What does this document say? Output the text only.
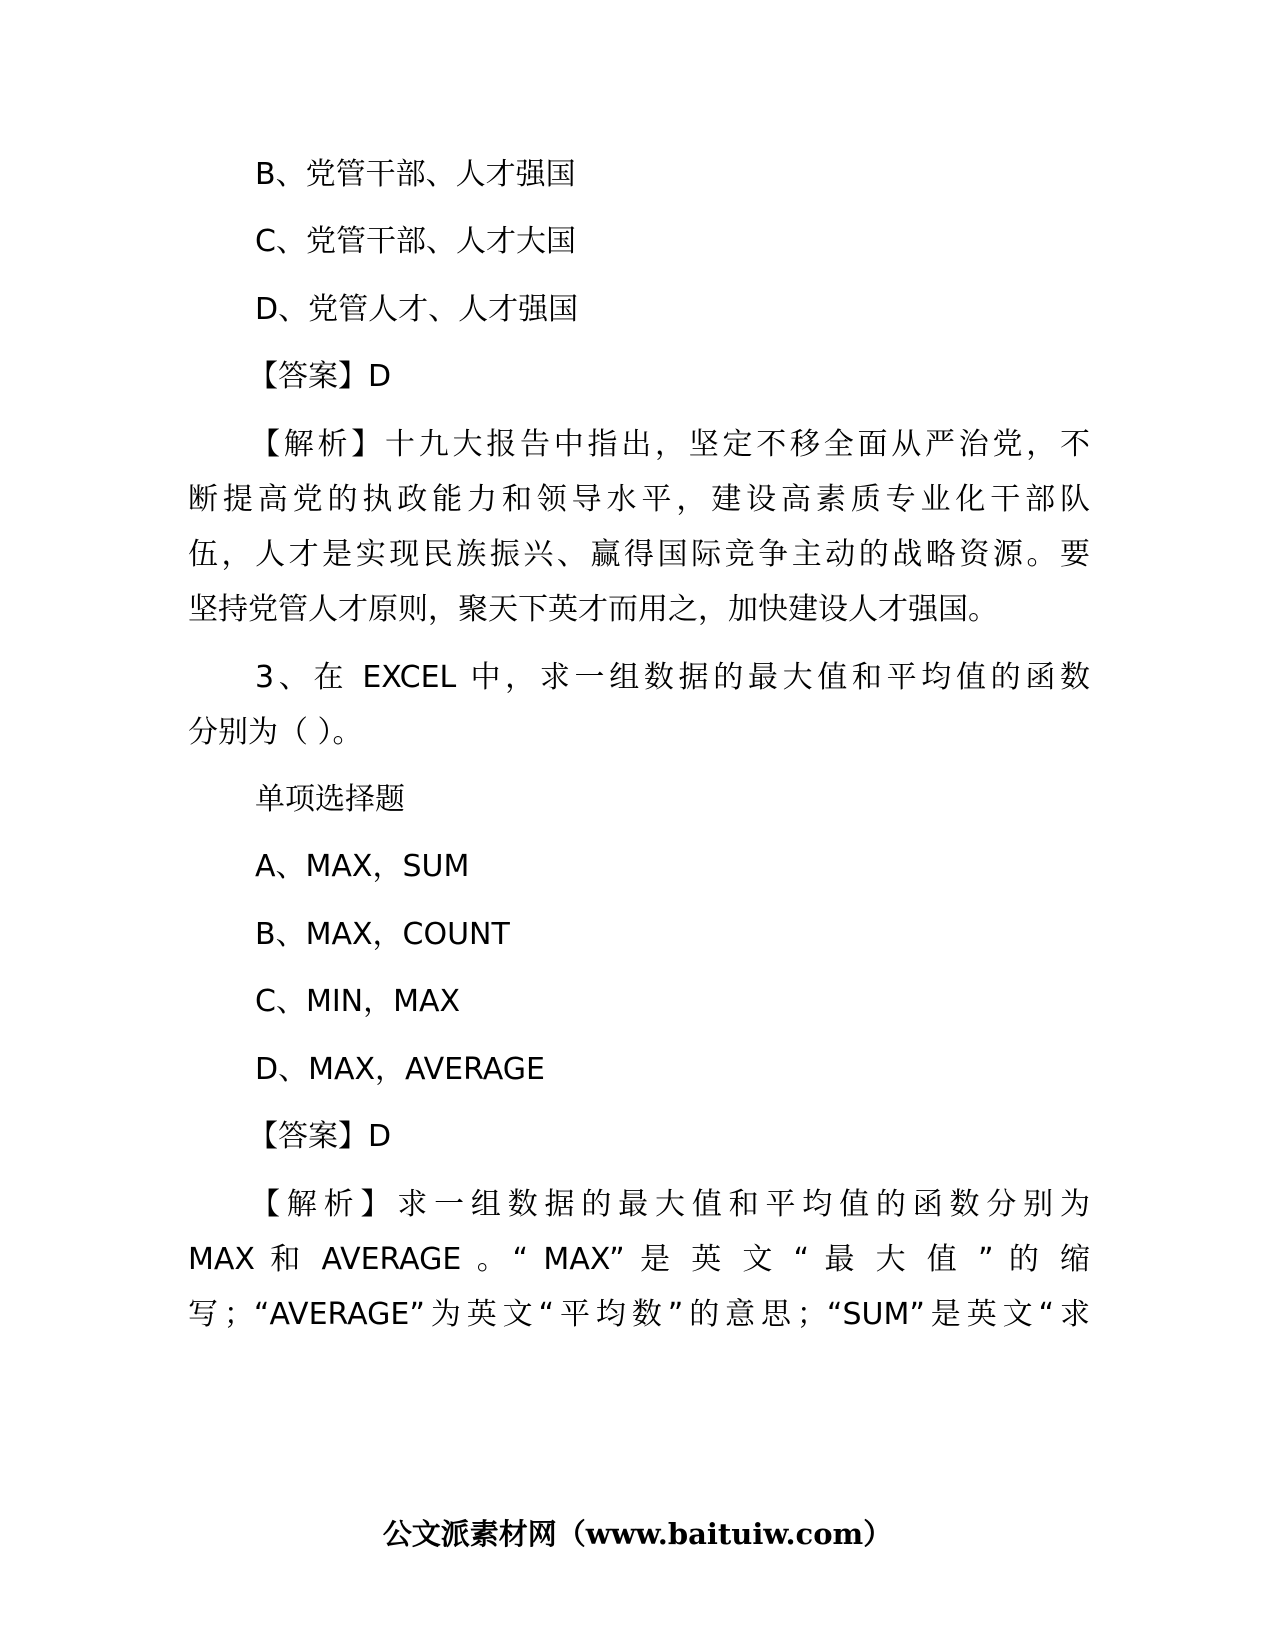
B、党管干部、人才强国
C、党管干部、人才大国
D、党管人才、人才强国
【答案】D
【解析】十九大报告中指出，坚定不移全面从严治党，不
断提高党的执政能力和领导水平，建设高素质专业化干部队
伍，人才是实现民族振兴、赢得国际竞争主动的战略资源。要
坚持党管人才原则，聚天下英才而用之，加快建设人才强国。
3、在 EXCEL 中，求一组数据的最大值和平均值的函数
分别为（ ）。
单项选择题
A、MAX，SUM
B、MAX，COUNT
C、MIN，MAX
D、MAX，AVERAGE
【答案】D
【解析】求一组数据的最大值和平均值的函数分别为
MAX 和 AVERAGE 。“ MAX” 是 英 文 “ 最 大 值 ” 的 缩
写；“AVERAGE”为英文“平均数”的意思；“SUM”是英文“求
公文派素材网（www.baituiw.com）
